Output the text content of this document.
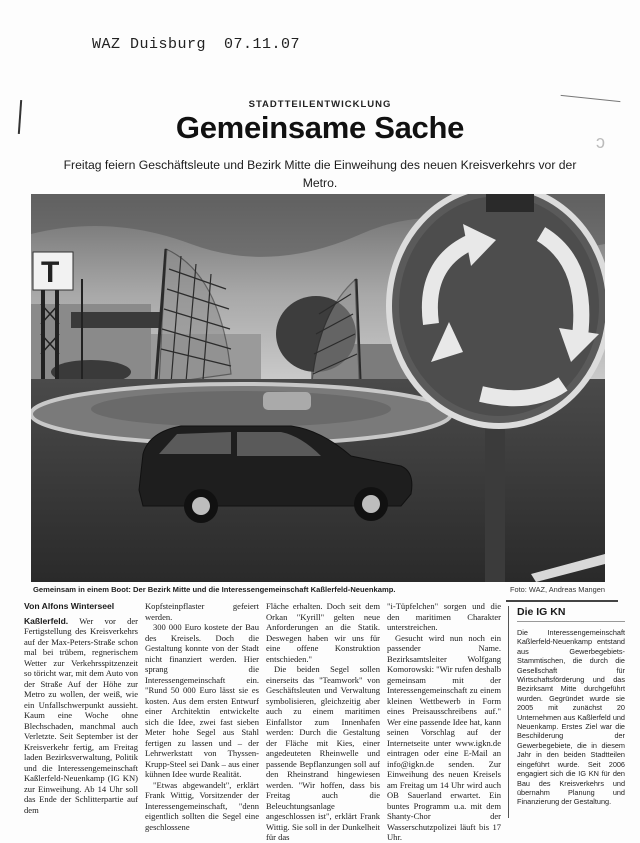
WAZ Duisburg 07.11.07
ↄ
STADTTEILENTWICKLUNG
Gemeinsame Sache
Freitag feiern Geschäftsleute und Bezirk Mitte die Einweihung des neuen Kreisverkehrs vor der Metro.
T
Gemeinsam in einem Boot: Der Bezirk Mitte und die Interessengemeinschaft Kaßlerfeld-Neuenkamp.	Foto: WAZ, Andreas Mangen
Von Alfons Winterseel

Kaßlerfeld. Wer vor der Fertigstellung des Kreisverkehrs auf der Max-Peters-Straße schon mal bei trübem, regnerischem Wetter zur Verkehrsspitzenzeit so töricht war, mit dem Auto von der Straße Auf der Höhe zur Metro zu wollen, der weiß, wie ein Unfallschwerpunkt aussieht. Kaum eine Woche ohne Blechschaden, manchmal auch Verletzte. Seit September ist der Kreisverkehr fertig, am Freitag laden Bezirksverwaltung, Politik und die Interessengemeinschaft Kaßlerfeld-Neuenkamp (IG KN) zur Einweihung. Ab 14 Uhr soll das Ende der Schlitterpartie auf dem

Kopfsteinpflaster gefeiert werden.

300 000 Euro kostete der Bau des Kreisels. Doch die Gestaltung konnte von der Stadt nicht finanziert werden. Hier sprang die Interessengemeinschaft ein. "Rund 50 000 Euro lässt sie es kosten. Aus dem ersten Entwurf einer Architektin entwickelte sich die Idee, zwei fast sieben Meter hohe Segel aus Stahl fertigen zu lassen und – der Lehrwerkstatt von Thyssen-Krupp-Steel sei Dank – aus einer kühnen Idee wurde Realität.

"Etwas abgewandelt", erklärt Frank Wittig, Vorsitzender der Interessengemeinschaft, "denn eigentlich sollten die Segel eine geschlossene

Fläche erhalten. Doch seit dem Orkan "Kyrill" gelten neue Anforderungen an die Statik. Deswegen haben wir uns für eine offene Konstruktion entschieden."

Die beiden Segel sollen einerseits das "Teamwork" von Geschäftsleuten und Verwaltung symbolisieren, gleichzeitig aber auch zu einem maritimen Einfallstor zum Innenhafen werden: Durch die Gestaltung der Fläche mit Kies, einer angedeuteten Rheinwelle und passende Bepflanzungen soll auf den Rheinstrand hingewiesen werden. "Wir hoffen, dass bis Freitag auch die Beleuchtungsanlage angeschlossen ist", erklärt Frank Wittig. Sie soll in der Dunkelheit für das

"i-Tüpfelchen" sorgen und die den maritimen Charakter unterstreichen.

Gesucht wird nun noch ein passender Name. Bezirksamtsleiter Wolfgang Komorowski: "Wir rufen deshalb gemeinsam mit der Interessengemeinschaft zu einem kleinen Wettbewerb in Form eines Preisausschreibens auf." Wer eine passende Idee hat, kann seinen Vorschlag auf der Internetseite unter www.igkn.de eintragen oder eine E-Mail an info@igkn.de senden. Zur Einweihung des neuen Kreisels am Freitag um 14 Uhr wird auch OB Sauerland erwartet. Ein buntes Programm u.a. mit dem Shanty-Chor der Wasserschutzpolizei läuft bis 17 Uhr.

Die IG KN
Die Interessengemeinschaft Kaßlerfeld-Neuenkamp entstand aus Gewerbegebiets-Stammtischen, die durch die Gesellschaft für Wirtschaftsförderung und das Bezirksamt Mitte durchgeführt wurden. Gegründet wurde sie 2005 mit zunächst 20 Unternehmen aus Kaßlerfeld und Neuenkamp. Erstes Ziel war die Beschilderung der Gewerbegebiete, die in diesem Jahr in den beiden Stadtteilen eingeführt wurde. Seit 2006 engagiert sich die IG KN für den Bau des Kreisverkehrs und übernahm Planung und Finanzierung der Gestaltung.
